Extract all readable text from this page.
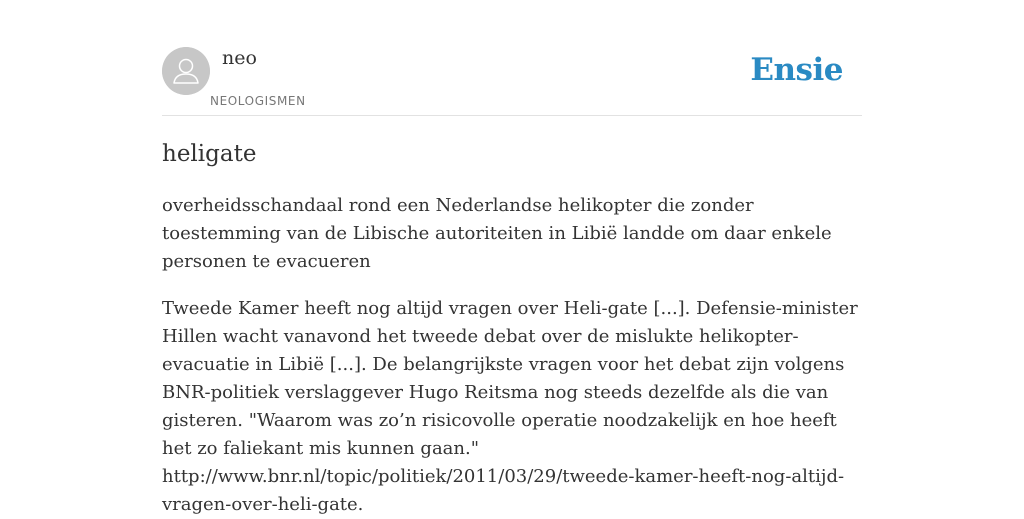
neo

NEOLOGISMEN
Ensie
heligate

overheidsschandaal rond een Nederlandse helikopter die zonder toestemming van de Libische autoriteiten in Libië landde om daar enkele personen te evacueren

Tweede Kamer heeft nog altijd vragen over Heli-gate [...]. Defensie-minister Hillen wacht vanavond het tweede debat over de mislukte helikopter-evacuatie in Libië [...]. De belangrijkste vragen voor het debat zijn volgens BNR-politiek verslaggever Hugo Reitsma nog steeds dezelfde als die van gisteren. "Waarom was zo’n risicovolle operatie noodzakelijk en hoe heeft het zo faliekant mis kunnen gaan."
http://www.bnr.nl/topic/politiek/2011/03/29/tweede-kamer-heeft-nog-altijd-vragen-over-heli-gate.
